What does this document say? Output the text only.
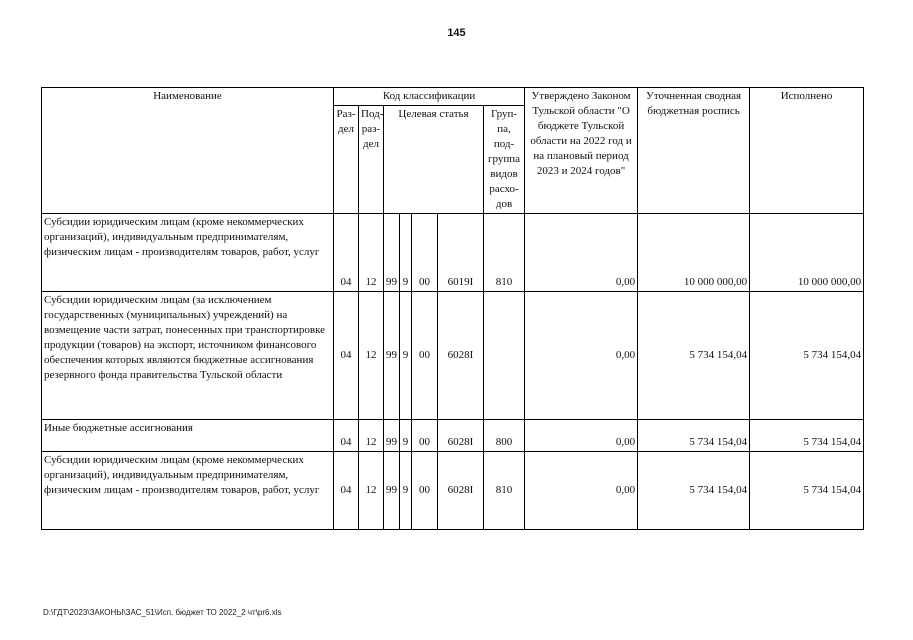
145
Наименование	Код классификации							Утверждено Законом Тульской области "О бюджете Тульской области на 2022 год и на плановый период 2023 и 2024 годов"	Уточненная сводная бюджетная роспись	Исполнено
	Раз-дел	Под-раз-дел	Целевая статья				Груп-па, под-группа видов расхо-дов			
Субсидии юридическим лицам (кроме некоммерческих организаций), индивидуальным предпринимателям, физическим лицам - производителям товаров, работ, услуг	04	12	99	9	00	6019I	810	0,00	10 000 000,00	10 000 000,00
Субсидии юридическим лицам (за исключением государственных (муниципальных) учреждений) на возмещение части затрат, понесенных при транспортировке продукции (товаров) на экспорт, источником финансового обеспечения которых являются бюджетные ассигнования резервного фонда правительства Тульской области	04	12	99	9	00	6028I		0,00	5 734 154,04	5 734 154,04
Иные бюджетные ассигнования	04	12	99	9	00	6028I	800	0,00	5 734 154,04	5 734 154,04
Субсидии юридическим лицам (кроме некоммерческих организаций), индивидуальным предпринимателям, физическим лицам - производителям товаров, работ, услуг	04	12	99	9	00	6028I	810	0,00	5 734 154,04	5 734 154,04
D:\ГДТ\2023\ЗАКОНЫ\ЗАС_51\Исп. бюджет ТО 2022_2 чт\pr6.xls
